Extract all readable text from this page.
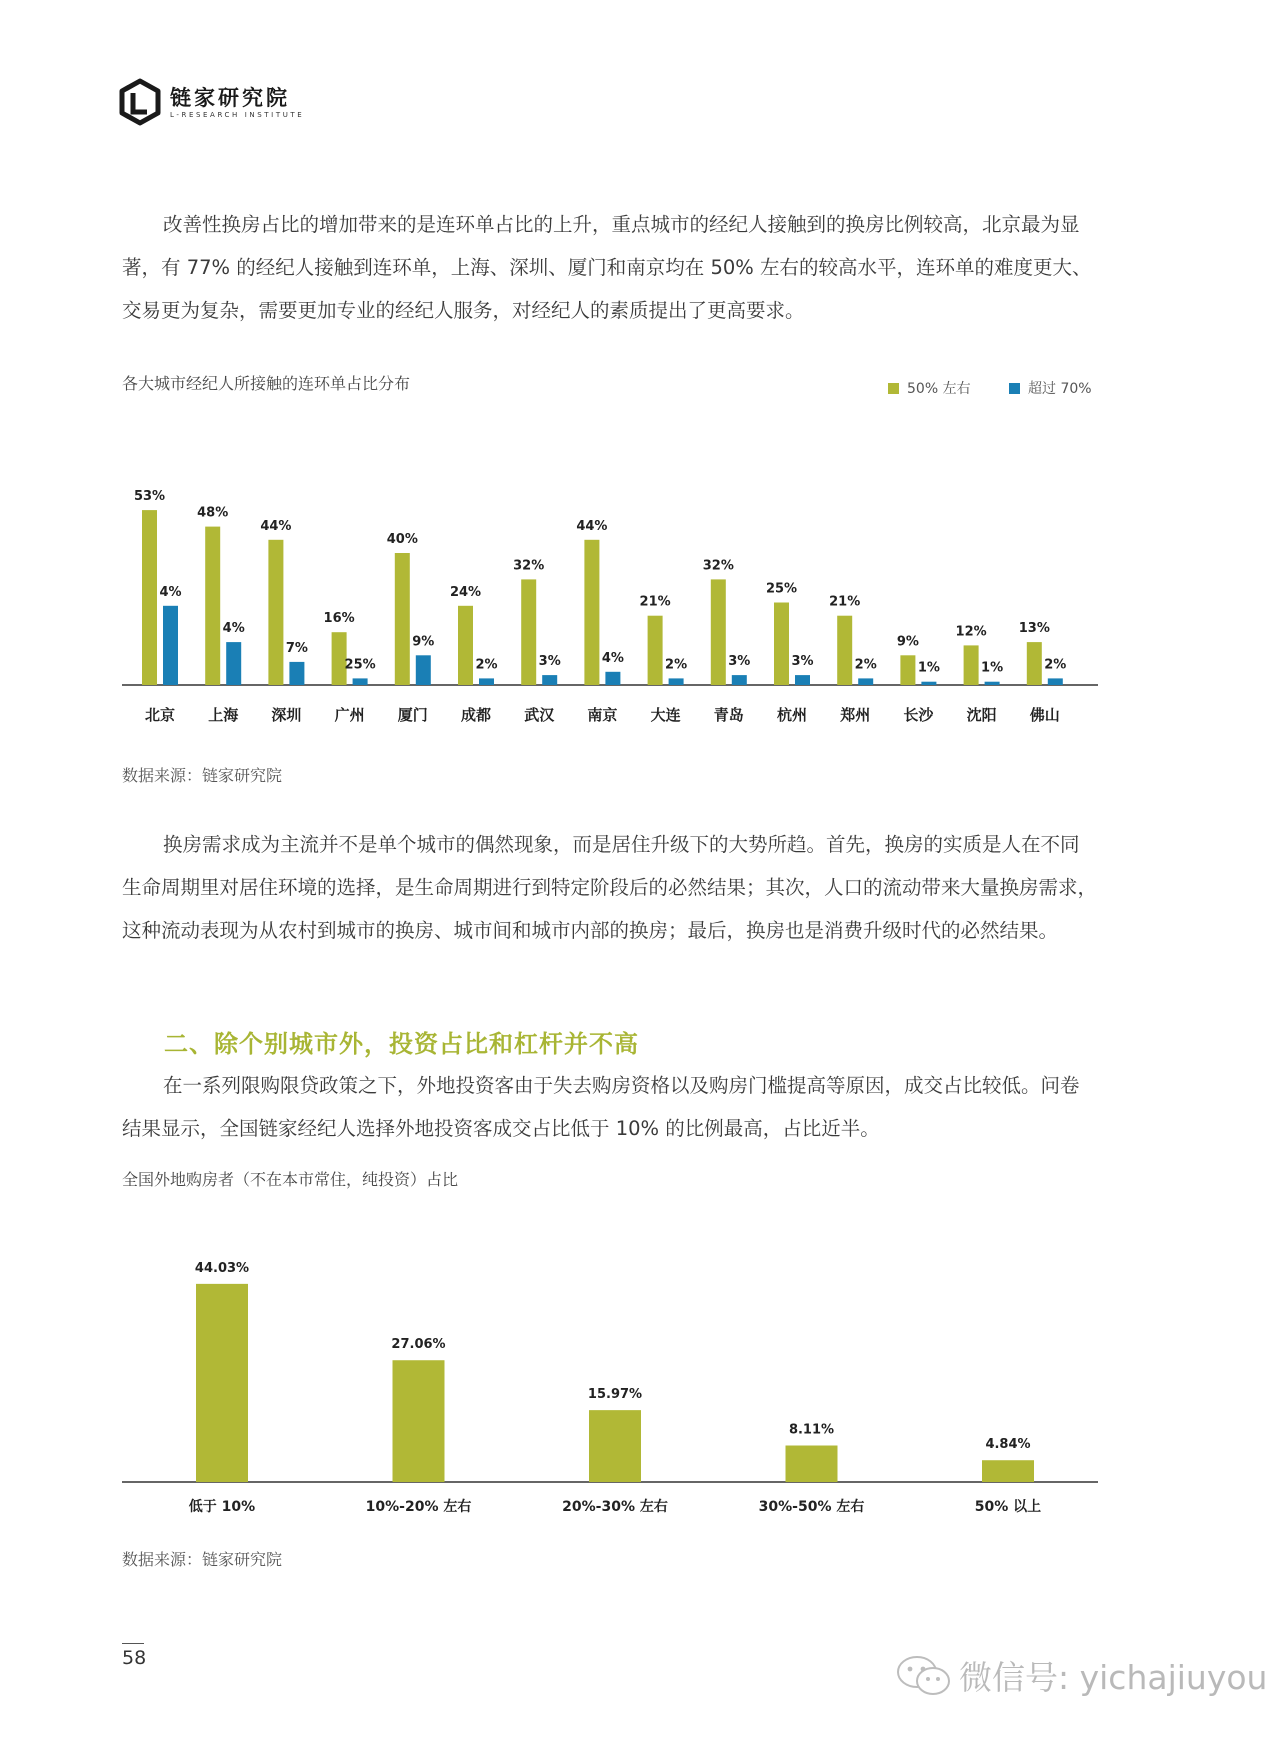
链家研究院
L-RESEARCH INSTITUTE

改善性换房占比的增加带来的是连环单占比的上升，重点城市的经纪人接触到的换房比例较高，北京最为显著，有 77% 的经纪人接触到连环单，上海、深圳、厦门和南京均在 50% 左右的较高水平，连环单的难度更大、交易更为复杂，需要更加专业的经纪人服务，对经纪人的素质提出了更高要求。

各大城市经纪人所接触的连环单占比分布	50% 左右	超过 70%
53%
4%
北京
48%
4%
上海
44%
7%
深圳
16%
25%
广州
40%
9%
厦门
24%
2%
成都
32%
3%
武汉
44%
4%
南京
21%
2%
大连
32%
3%
青岛
25%
3%
杭州
21%
2%
郑州
9%
1%
长沙
12%
1%
沈阳
13%
2%
佛山
数据来源：链家研究院

换房需求成为主流并不是单个城市的偶然现象，而是居住升级下的大势所趋。首先，换房的实质是人在不同生命周期里对居住环境的选择，是生命周期进行到特定阶段后的必然结果；其次，人口的流动带来大量换房需求，这种流动表现为从农村到城市的换房、城市间和城市内部的换房；最后，换房也是消费升级时代的必然结果。

二、除个别城市外，投资占比和杠杆并不高

在一系列限购限贷政策之下，外地投资客由于失去购房资格以及购房门槛提高等原因，成交占比较低。问卷结果显示，全国链家经纪人选择外地投资客成交占比低于 10% 的比例最高，占比近半。

全国外地购房者（不在本市常住，纯投资）占比
44.03%
低于 10%
27.06%
10%-20% 左右
15.97%
20%-30% 左右
8.11%
30%-50% 左右
4.84%
50% 以上
数据来源：链家研究院
58	微信号: yichajiuyou
